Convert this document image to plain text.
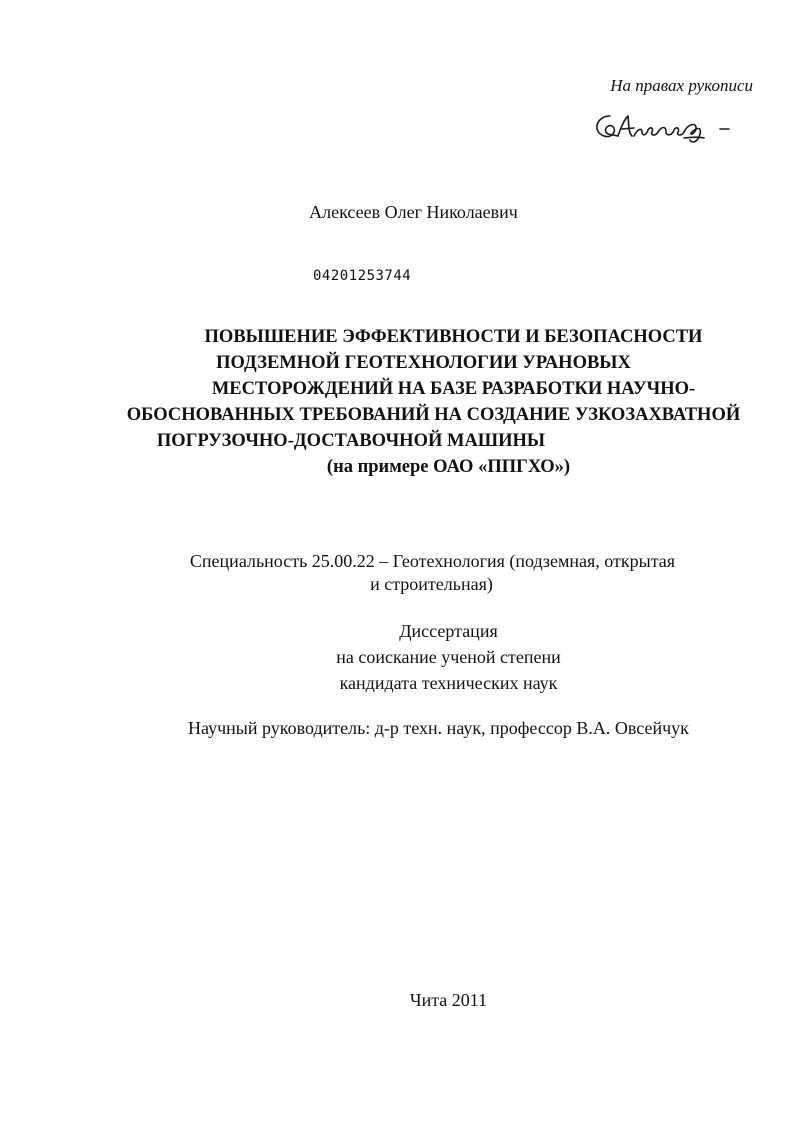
На правах рукописи
Алексеев Олег Николаевич
04201253744
ПОВЫШЕНИЕ ЭФФЕКТИВНОСТИ И БЕЗОПАСНОСТИ
ПОДЗЕМНОЙ ГЕОТЕХНОЛОГИИ УРАНОВЫХ
МЕСТОРОЖДЕНИЙ НА БАЗЕ РАЗРАБОТКИ НАУЧНО-
ОБОСНОВАННЫХ ТРЕБОВАНИЙ НА СОЗДАНИЕ УЗКОЗАХВАТНОЙ
ПОГРУЗОЧНО-ДОСТАВОЧНОЙ МАШИНЫ
(на примере ОАО «ППГХО»)
Специальность 25.00.22 – Геотехнология (подземная, открытая
и строительная)
Диссертация
на соискание ученой степени
кандидата технических наук
Научный руководитель: д-р техн. наук, профессор В.А. Овсейчук
Чита 2011
